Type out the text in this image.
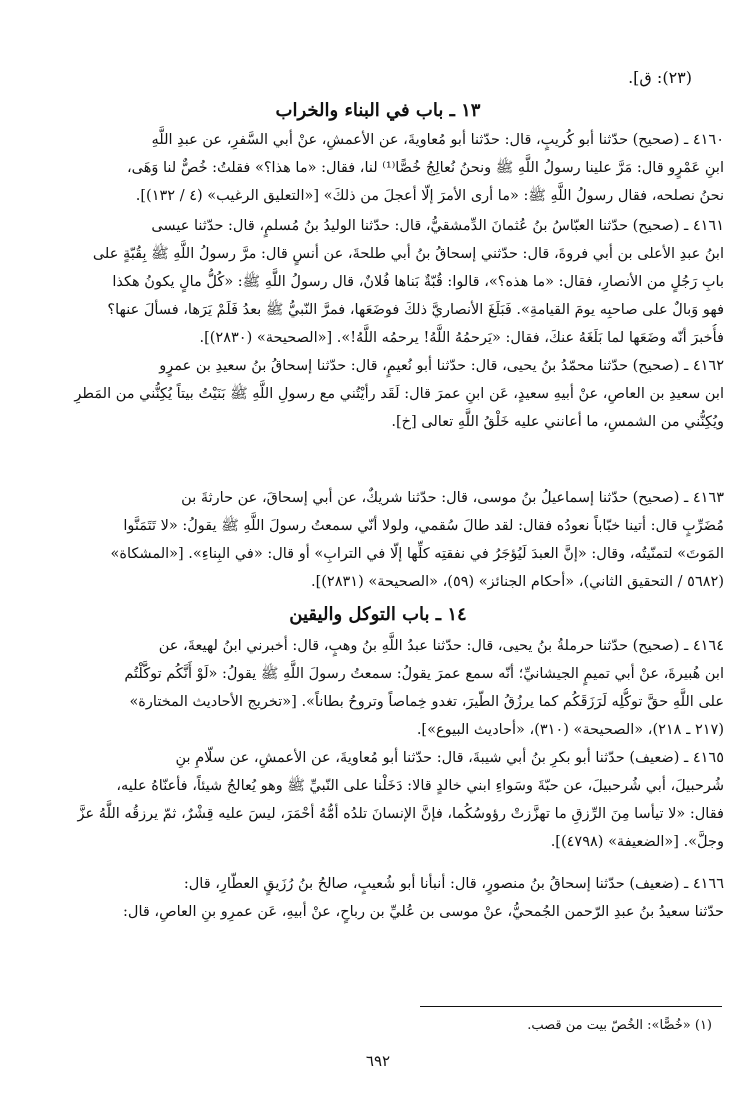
(٢٣): ق].
١٣ ـ باب في البناء والخراب

٤١٦٠ ـ (صحيح) حدّثنا أبو كُريبٍ، قال: حدّثنا أبو مُعاويةَ، عن الأعمشِ، عنْ أبي السَّفرِ، عن عبدِ اللَّهِ

ابنِ عَمْرٍو قال: مَرَّ علينا رسولُ اللَّهِ ﷺ ونحنُ نُعالِجُ خُصًّا⁽¹⁾ لنا، فقال: «ما هذا؟» فقلتُ: خُصٌّ لنا وَهَى،

نحنُ نصلحه، فقال رسولُ اللَّهِ ﷺ: «ما أرى الأمرَ إلّا أعجلَ من ذلكَ» [«التعليق الرغيب» (٤ / ١٣٢)].

٤١٦١ ـ (صحيح) حدّثنا العبّاسُ بنُ عُثمانَ الدِّمشقيُّ، قال: حدّثنا الوليدُ بنُ مُسلمٍ، قال: حدّثنا عيسى

ابنُ عبدِ الأعلى بن أبي فروةَ، قال: حدّثني إسحاقُ بنُ أبي طلحةَ، عن أنسٍ قال: مرَّ رسولُ اللَّهِ ﷺ بِقُبّةٍ على

بابِ رَجُلٍ من الأنصارِ، فقال: «ما هذه؟»، قالوا: قُبّةٌ بَناها فُلانٌ، قال رسولُ اللَّهِ ﷺ: «كُلُّ مالٍ يكونُ هكذا

فهو وَبالٌ على صاحبِه يومَ القيامةِ». فَبَلَغَ الأنصاريَّ ذلكَ فوضَعَها، فمرَّ النّبيُّ ﷺ بعدُ فَلَمْ يَرَها، فسألَ عنها؟

فأُخبرَ أنّه وضَعَها لما بَلَغَهُ عنكَ، فقال: «يَرحمُهُ اللَّهُ! يرحمُه اللَّهُ!». [«الصحيحة» (٢٨٣٠)].

٤١٦٢ ـ (صحيح) حدّثنا محمّدُ بنُ يحيى، قال: حدّثنا أبو نُعيمٍ، قال: حدّثنا إسحاقُ بنُ سعيدِ بن عمرٍو

ابن سعيدِ بن العاصِ، عنْ أبيهِ سعيدٍ، عَن ابنِ عمرَ قال: لَقَد رأيْتُني مع رسولِ اللَّهِ ﷺ بَنَيْتُ بيتاً يُكِنُّني من المَطرِ

ويُكِنُّني من الشمسِ، ما أعانني عليه خَلْقُ اللَّهِ تعالى [خ].

٤١٦٣ ـ (صحيح) حدّثنا إسماعيلُ بنُ موسى، قال: حدّثنا شريكٌ، عن أبي إسحاقَ، عن حارثةَ بن

مُضَرِّبٍ قال: أتينا خبّاباً نعودُه فقال: لقد طالَ سُقمي، ولولا أنّي سمعتُ رسولَ اللَّهِ ﷺ يقولُ: «لا تَتَمَنَّوا

المَوتَ» لتمنّيتُه، وقال: «إنَّ العبدَ لَيُؤجَرُ في نفقتِه كلِّها إلّا في الترابِ» أو قال: «في البِناءِ». [«المشكاة»

(٥٦٨٢ / التحقيق الثاني)، «أحكام الجنائز» (٥٩)، «الصحيحة» (٢٨٣١)].

١٤ ـ باب التوكل واليقين

٤١٦٤ ـ (صحيح) حدّثنا حرملةُ بنُ يحيى، قال: حدّثنا عبدُ اللَّهِ بنُ وهبٍ، قال: أخبرني ابنُ لهيعةَ، عن

ابن هُبيرةَ، عنْ أبي تميمٍ الجيشانيِّ؛ أنّه سمع عمرَ يقولُ: سمعتُ رسولَ اللَّهِ ﷺ يقولُ: «لَوْ أَنَّكُم توكَّلْتُم

على اللَّهِ حقَّ توكُّلِه لَرَزَقَكُم كما يرزُقُ الطّيرَ، تغدو خِماصاً وتروحُ بطاناً». [«تخريج الأحاديث المختارة»

(٢١٧ ـ ٢١٨)، «الصحيحة» (٣١٠)، «أحاديث البيوع»].

٤١٦٥ ـ (ضعيف) حدّثنا أبو بكرِ بنُ أبي شيبةَ، قال: حدّثنا أبو مُعاويةَ، عن الأعمشِ، عن سلّامِ بنِ

شُرحبيلَ، أبي شُرحبيلَ، عن حبّةَ وسَواءِ ابني خالدٍ قالا: دَخَلْنا على النّبيِّ ﷺ وهو يُعالجُ شيئاً، فأعنّاهُ عليه،

فقال: «لا تيأسا مِنَ الرِّزقِ ما تهزَّزتْ رؤوسُكُما، فإنَّ الإنسانَ تلدُه أمُّهُ أحْمَرَ، ليسَ عليه قِشْرٌ، ثمّ يرزقُه اللَّهُ عزَّ

وجلَّ». [«الضعيفة» (٤٧٩٨)].

٤١٦٦ ـ (ضعيف) حدّثنا إسحاقُ بنُ منصورٍ، قال: أنبأنا أبو شُعيبٍ، صالحُ بنُ رُزَيقٍ العطّارِ، قال:

حدّثنا سعيدُ بنُ عبدِ الرّحمن الجُمحيُّ، عنْ موسى بن عُليِّ بن رباحٍ، عنْ أبيهِ، عَن عمرِو بنِ العاصِ، قال:

(١) «خُصًّا»: الخُصّ بيت من قصب.
٦٩٢
